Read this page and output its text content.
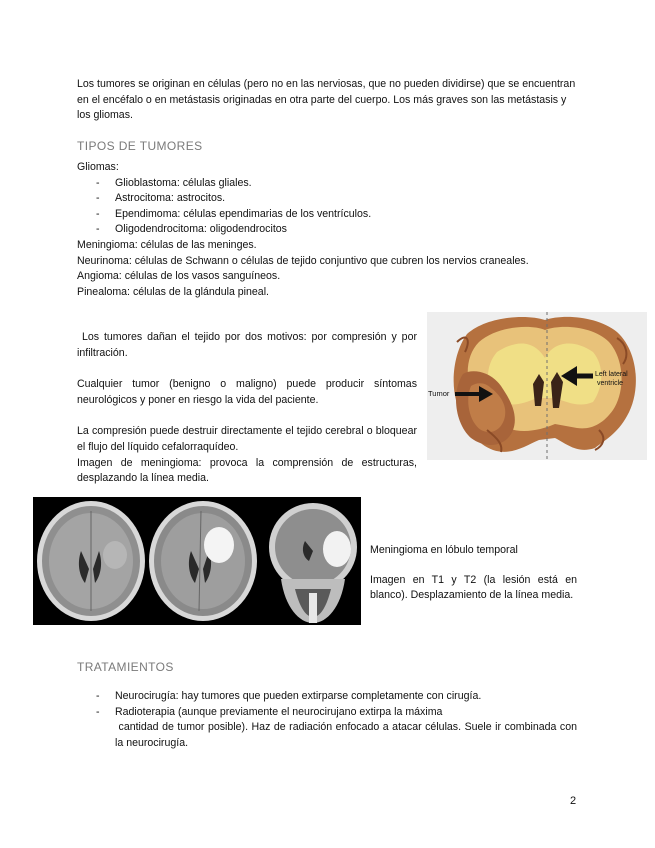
Los tumores se originan en células (pero no en las nerviosas, que no pueden dividirse) que se encuentran en el encéfalo o en metástasis originadas en otra parte del cuerpo. Los más graves son las metástasis y los gliomas.

TIPOS DE TUMORES

Gliomas:

- Glioblastoma: células gliales.
- Astrocitoma: astrocitos.
- Ependimoma: células ependimarias de los ventrículos.
- Oligodendrocitoma: oligodendrocitos

Meningioma: células de las meninges.

Neurinoma: células de Schwann o células de tejido conjuntivo que cubren los nervios craneales.

Angioma: células de los vasos sanguíneos.

Pinealoma: células de la glándula pineal.

Los tumores dañan el tejido por dos motivos: por compresión y por infiltración.

Cualquier tumor (benigno o maligno) puede producir síntomas neurológicos y poner en riesgo la vida del paciente.

La compresión puede destruir directamente el tejido cerebral o bloquear el flujo del líquido cefalorraquídeo.

Imagen de meningioma: provoca la comprensión de estructuras, desplazando la línea media.

Tumor
Left lateral
ventricle

Meningioma en lóbulo temporal

Imagen en T1 y T2 (la lesión está en blanco). Desplazamiento de la línea media.

TRATAMIENTOS
- Neurocirugía: hay tumores que pueden extirparse completamente con cirugía.
- Radioterapia (aunque previamente el neurocirujano extirpa la máxima
cantidad de tumor posible). Haz de radiación enfocado a atacar células. Suele ir combinada con la neurocirugía.
2
